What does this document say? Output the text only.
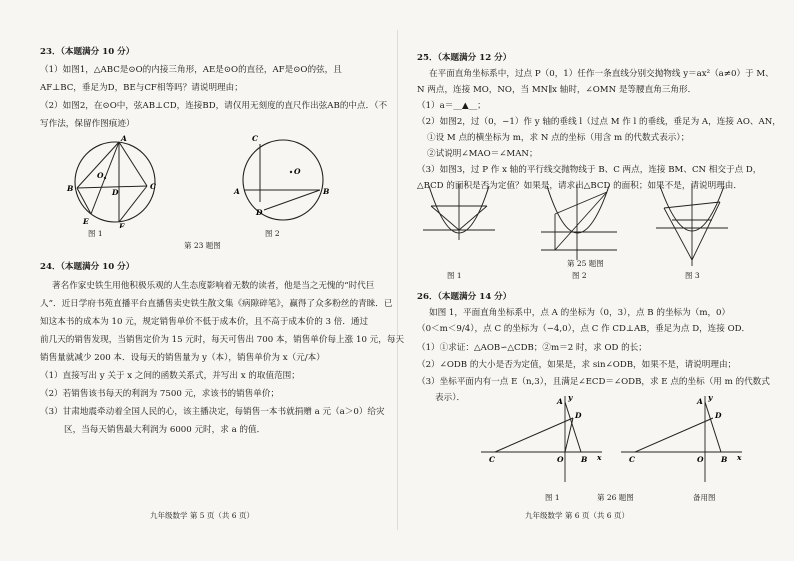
23．（本题满分 10 分）
（1）如图1，△ABC是⊙O的内接三角形，AE是⊙O的直径，AF是⊙O的弦，且
AF⊥BC，垂足为D，BE与CF相等吗？请说明理由；
（2）如图2，在⊙O中，弦AB⊥CD，连接BD，请仅用无刻度的直尺作出弦AB的中点．（不
写作法，保留作图痕迹）
A
O
B	D
C
E
F
C
O
A	B
D
图 1	图 2
第 23 题图
24．（本题满分 10 分）
著名作家史铁生用他积极乐观的人生态度影响着无数的读者，他是当之无愧的“时代巨
人”．近日学府书苑直播平台直播售卖史铁生散文集《病隙碎笔》，赢得了众多粉丝的青睐．已
知这本书的成本为 10 元，规定销售单价不低于成本价，且不高于成本价的 3 倍．通过
前几天的销售发现，当销售定价为 15 元时，每天可售出 700 本，销售单价每上涨 10 元，每天
销售量就减少 200 本．设每天的销售量为 y（本），销售单价为 x（元/本）
（1）直接写出 y 关于 x 之间的函数关系式，并写出 x 的取值范围；
（2）若销售该书每天的利润为 7500 元，求该书的销售单价；
（3）甘肃地震牵动着全国人民的心，该主播决定，每销售一本书就捐赠 a 元（a＞0）给灾
区，当每天销售最大利润为 6000 元时，求 a 的值．
九年级数学 第 5 页（共 6 页）
25．（本题满分 12 分）
在平面直角坐标系中，过点 P（0，1）任作一条直线分别交抛物线 y＝ax²（a≠0）于 M、
N 两点，连接 MO，NO，当 MN∥x 轴时，∠OMN 是等腰直角三角形．
（1）a＝__▲__；
（2）如图2，过（0，−1）作 y 轴的垂线 l（过点 M 作 l 的垂线，垂足为 A，连接 AO、AN，
①设 M 点的横坐标为 m，求 N 点的坐标（用含 m 的代数式表示）；
②试说明∠MAO＝∠MAN；
（3）如图3，过 P 作 x 轴的平行线交抛物线于 B、C 两点，连接 BM、CN 相交于点 D，
△BCD 的面积是否为定值？如果是，请求出△BCD 的面积；如果不是，请说明理由．
图 1	图 2	图 3
第 25 题图
26．（本题满分 14 分）
如图 1，平面直角坐标系中，点 A 的坐标为（0，3），点 B 的坐标为（m，0）
（0＜m＜9/4），点 C 的坐标为（−4,0），点 C 作 CD⊥AB，垂足为点 D，连接 OD．
（1）①求证：△AOB∽△CDB；②m＝2 时，求 OD 的长；
（2）∠ODB 的大小是否为定值，如果是，求 sin∠ODB，如果不是，请说明理由；
（3）坐标平面内有一点 E（n,3），且满足∠ECD＝∠ODB，求 E 点的坐标（用 m 的代数式
表示）．	A
D
C	O B x
y	A
D
C	O B x
y
图 1	第 26 题图	备用图
九年级数学 第 6 页（共 6 页）
